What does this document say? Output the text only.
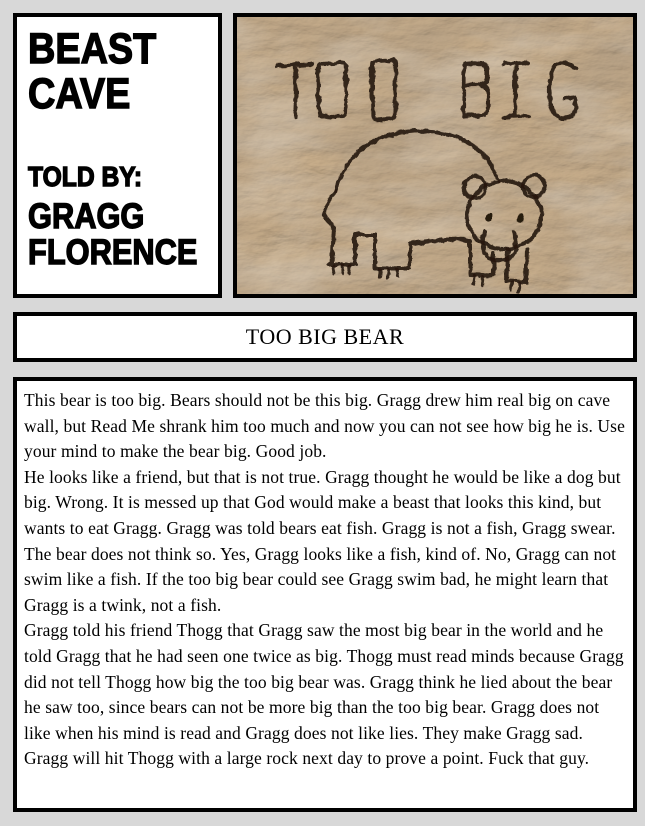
BEAST
CAVE
TOLD BY:
GRAGG
FLORENCE
TOO BIG BEAR

This bear is too big. Bears should not be this big. Gragg drew him real big on cave wall, but Read Me shrank him too much and now you can not see how big he is. Use your mind to make the bear big. Good job.

He looks like a friend, but that is not true. Gragg thought he would be like a dog but big. Wrong. It is messed up that God would make a beast that looks this kind, but wants to eat Gragg. Gragg was told bears eat fish. Gragg is not a fish, Gragg swear. The bear does not think so. Yes, Gragg looks like a fish, kind of. No, Gragg can not swim like a fish. If the too big bear could see Gragg swim bad, he might learn that Gragg is a twink, not a fish.

Gragg told his friend Thogg that Gragg saw the most big bear in the world and he told Gragg that he had seen one twice as big. Thogg must read minds because Gragg did not tell Thogg how big the too big bear was. Gragg think he lied about the bear he saw too, since bears can not be more big than the too big bear. Gragg does not like when his mind is read and Gragg does not like lies. They make Gragg sad. Gragg will hit Thogg with a large rock next day to prove a point. Fuck that guy.
